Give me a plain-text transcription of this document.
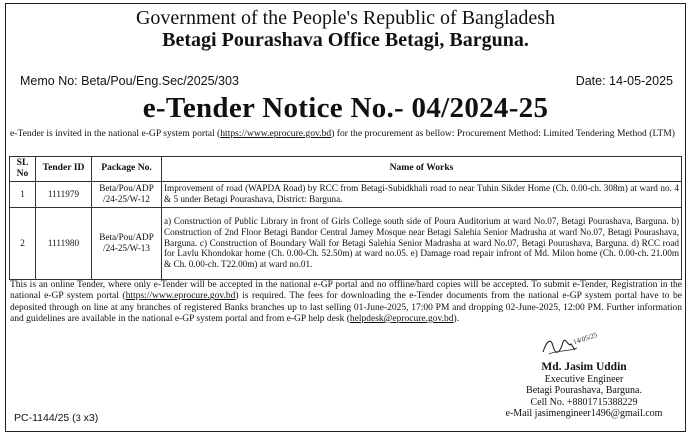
Government of the People's Republic of Bangladesh
Betagi Pourashava Office Betagi, Barguna.
Memo No: Beta/Pou/Eng.Sec/2025/303	Date: 14-05-2025
e-Tender Notice No.- 04/2024-25
e-Tender is invited in the national e-GP system portal (https://www.eprocure.gov.bd) for the procurement as bellow: Procurement Method: Limited Tendering Method (LTM)
SL No	Tender ID	Package No.	Name of Works
1	1111979	Beta/Pou/ADP /24-25/W-12	Improvement of road (WAPDA Road) by RCC from Betagi-Subidkhali road to near Tuhin Sikder Home (Ch. 0.00-ch. 308m) at ward no. 4 & 5 under Betagi Pourashava, District: Barguna.
2	1111980	Beta/Pou/ADP /24-25/W-13	a) Construction of Public Library in front of Girls College south side of Poura Auditorium at ward No.07, Betagi Pourashava, Barguna. b) Construction of 2nd Floor Betagi Bandor Central Jamey Mosque near Betagi Salehia Senior Madrasha at ward No.07, Betagi Pourashava, Barguna. c) Construction of Boundary Wall for Betagi Salehia Senior Madrasha at ward No.07, Betagi Pourashava, Barguna. d) RCC road for Lavlu Khondokar home (Ch. 0.00-Ch. 52.50m) at ward no.05. e) Damage road repair infront of Md. Milon home (Ch. 0.00-ch. 21.00m & Ch. 0.00-ch. T22.00m) at ward no.01.
This is an online Tender, where only e-Tender will be accepted in the national e-GP portal and no offline/hard copies will be accepted. To submit e-Tender, Registration in the national e-GP system portal (https://www.eprocure.gov.bd) is required. The fees for downloading the e-Tender documents from the national e-GP system portal have to be deposited through on line at any branches of registered Banks branches up to last selling 01-June-2025, 17:00 PM and dropping 02-June-2025, 12:00 PM. Further information and guidelines are available in the national e-GP system portal and from e-GP help desk (helpdesk@eprocure.gov.bd).
14/05/25
Md. Jasim Uddin
Executive Engineer
Betagi Pourashava, Barguna.
Cell No. +8801715388229
e-Mail jasimengineer1496@gmail.com
PC-1144/25 (3 x3)
